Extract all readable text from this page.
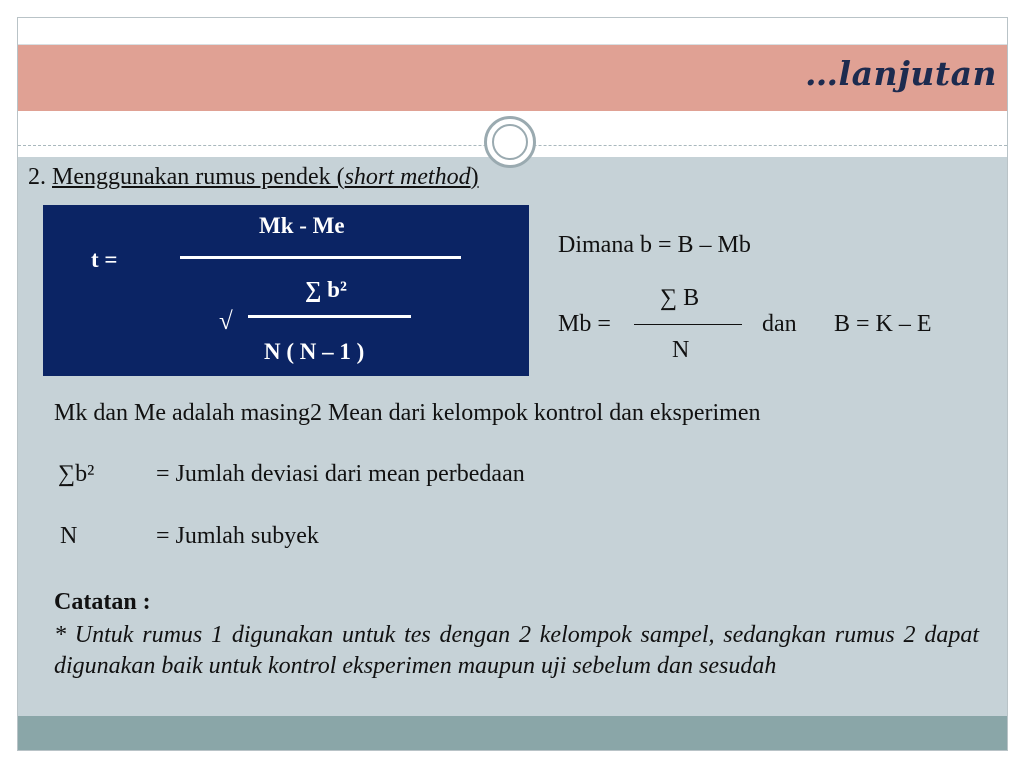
…lanjutan
2. Menggunakan rumus pendek (short method)
Mk - Me
t =
∑ b²
√
N ( N – 1 )
Dimana b = B – Mb
∑ B
Mb =
N
dan B = K – E
Mk dan Me adalah masing2 Mean dari kelompok kontrol dan eksperimen
∑b²	= Jumlah deviasi dari mean perbedaan
N	= Jumlah subyek
Catatan :
* Untuk rumus 1 digunakan untuk tes dengan 2 kelompok sampel, sedangkan rumus 2 dapat digunakan baik untuk kontrol eksperimen maupun uji sebelum dan sesudah
